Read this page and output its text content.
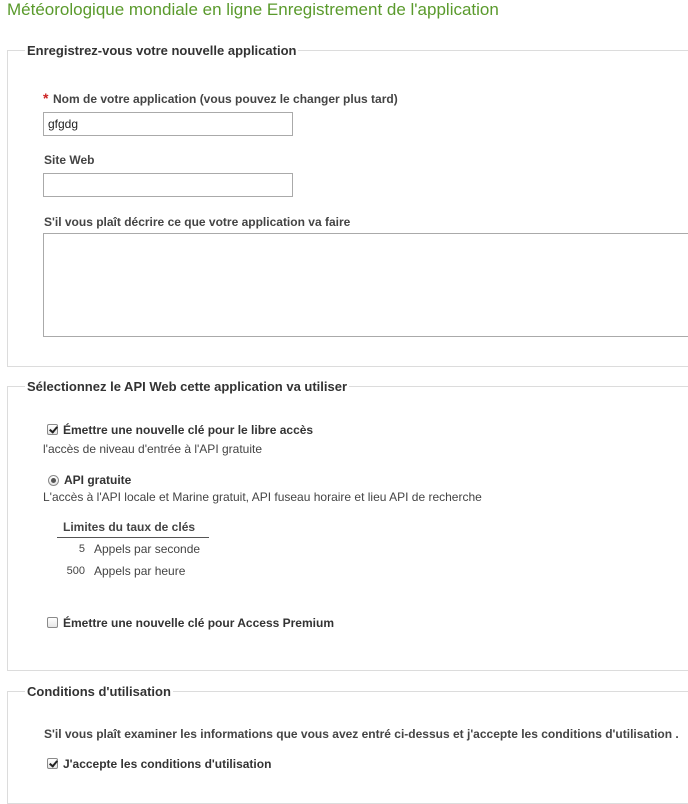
Météorologique mondiale en ligne Enregistrement de l'application
Enregistrez-vous votre nouvelle application
* Nom de votre application (vous pouvez le changer plus tard)
gfgdg
Site Web
S'il vous plaît décrire ce que votre application va faire
Sélectionnez le API Web cette application va utiliser
Émettre une nouvelle clé pour le libre accès
l'accès de niveau d'entrée à l'API gratuite
API gratuite
L'accès à l'API locale et Marine gratuit, API fuseau horaire et lieu API de recherche
Limites du taux de clés
5 Appels par seconde
500 Appels par heure
Émettre une nouvelle clé pour Access Premium
Conditions d'utilisation
S'il vous plaît examiner les informations que vous avez entré ci-dessus et j'accepte les conditions d'utilisation .
J'accepte les conditions d'utilisation
